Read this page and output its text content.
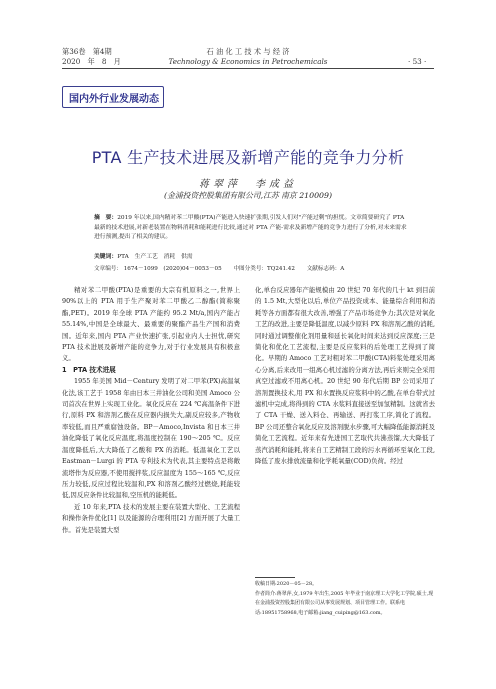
第36卷　第4期
2020　年　8　月
石 油 化 工 技 术 与 经 济
Technology & Economics in Petrochemicals	· 53 ·
国内外行业发展动态
PTA 生产技术进展及新增产能的竞争力分析
蒋翠萍　李成益
(金浦投资控股集团有限公司,江苏 南京 210009)
摘　要：2019 年以来,国内精对苯二甲酸(PTA)产能进入快速扩张期,引发人们对"产能过剩"的担忧。文章简要研究了 PTA 最新的技术进展,对新老装置在物料消耗和能耗进行比较,通过对 PTA 产能-需求及新增产能的竞争力进行了分析,对未来需求进行预测,提出了相关的建议。
关键词：PTA　生产工艺　消耗　供需
文章编号： 1674－1099　(2020)04－0053－05 中图分类号：TQ241.42 文献标志码：A

精对苯二甲酸(PTA)是重要的大宗有机原料之一,世界上 90%以上的 PTA 用于生产聚对苯二甲酸乙二醇酯(简称聚酯,PET)。2019 年全球 PTA 产能约 95.2 Mt/a,国内产能占 55.14%,中国是全球最大、最重要的聚酯产品生产国和消费国。近年来,国内 PTA 产业快速扩张,引起业内人士担忧,研究 PTA 技术进展及新增产能的竞争力,对于行业发展具有积极意义。

1　PTA 技术进展

1955 年美国 Mid－Century 发明了对二甲苯(PX)高温氧化法,该工艺于 1958 年由日本三井油化公司和美国 Amoco 公司首次在世界上实现工业化。氧化反应在 224 ℃高温条件下进行,原料 PX 和溶剂乙酸在反应器内损失大,副反应较多,产物收率较低,而且严重腐蚀设备。BP－Amoco,Invista 和日本三井油化降低了氧化反应温度,将温度控制在 190～205 ℃。反应温度降低后,大大降低了乙酸和 PX 的消耗。低温氧化工艺以 Eastman－Lurgi 的 PTA 专利技术为代表,其主要特点是将敞流塔作为反应器,不使用搅拌浆,反应温度为 155～165 ℃,反应压力较低,反应过程比较温和,PX 和溶剂乙酸经过燃烧,耗能较低,因反应条件比较温和,空压机的能耗低。

近 10 年来,PTA 技术的发展主要在装置大型化、工艺流程和操作条件优化[1] 以及能源的合理利用[2] 方面开展了大量工作。首先是装置大型

化,单台反应器年产能规模由 20 世纪 70 年代的几十 kt 到目前的 1.5 Mt,大型化以后,单位产品投资成本、能量综合利用和消耗等各方面都有很大改善,增强了产品市场竞争力;其次是对氧化工艺的改进,主要是降低温度,以减少原料 PX 和溶剂乙酸的消耗,同时通过调整催化剂用量和延长氧化时间来达到反应深度;三是简化和优化工艺流程,主要是反应浆料的后处理工艺得到了简化。早期的 Amoco 工艺对粗对苯二甲酸(CTA)料浆处理采用离心分离,后来改用一组离心机过滤的分离方法,再后来则完全采用真空过滤或不用离心机。20 世纪 90 年代后期 BP 公司采用了溶剂置换技术,用 PX 和水置换反应浆料中的乙酸,在单台带式过滤机中完成,将得到的 CTA 水浆料直接送至加氢精制。这就省去了 CTA 干燥、送入料仓、再输送、再打浆工序,简化了流程。BP 公司还整合氧化反应及溶剂脱水步骤,可大幅降低能源消耗及简化工艺流程。近年来有先进国工艺取代共沸蒸馏,大大降低了蒸汽消耗和能耗,将来自工艺精制工段的污水再循环至氧化工段,降低了废水排放流量和化学耗氧量(COD)负荷。经过

收稿日期:2020－05－28。
作者简介:蒋翠萍,女,1979 年出生,2005 年毕业于南京理工大学化工学院,硕士,现在金浦投资控股集团有限公司从事发展规划、项目管理工作。联系电话:18951758968,电子邮箱:jiang_cuiping@163.com。
